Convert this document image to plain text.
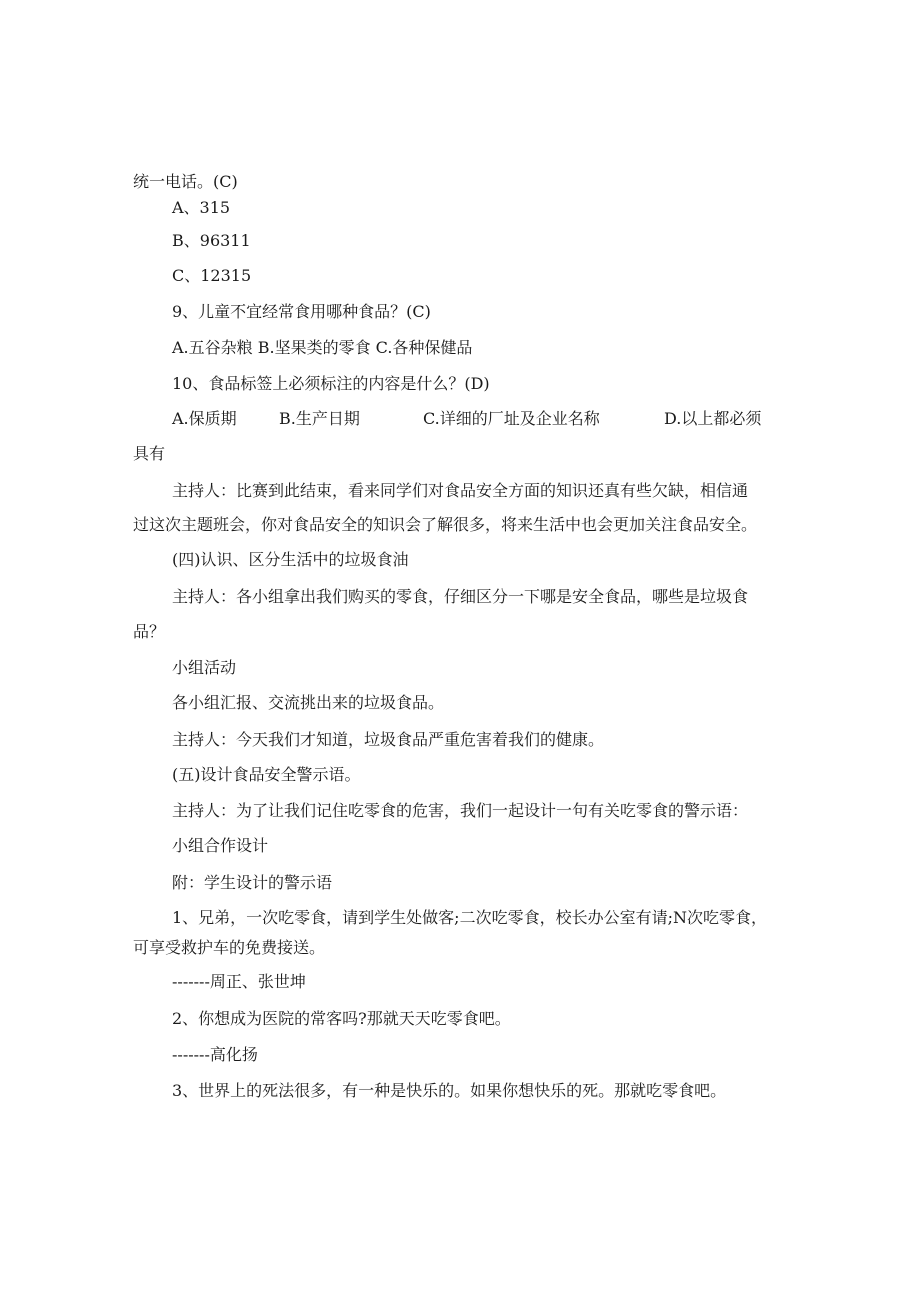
统一电话。(C)
A、315
B、96311
C、12315
9、儿童不宜经常食用哪种食品？(C)
A.五谷杂粮 B.坚果类的零食 C.各种保健品
10、食品标签上必须标注的内容是什么？(D)
A.保质期	B.生产日期	C.详细的厂址及企业名称	D.以上都必须
具有
主持人：比赛到此结束，看来同学们对食品安全方面的知识还真有些欠缺，相信通
过这次主题班会，你对食品安全的知识会了解很多，将来生活中也会更加关注食品安全。
(四)认识、区分生活中的垃圾食油
主持人：各小组拿出我们购买的零食，仔细区分一下哪是安全食品，哪些是垃圾食
品？
小组活动
各小组汇报、交流挑出来的垃圾食品。
主持人：今天我们才知道，垃圾食品严重危害着我们的健康。
(五)设计食品安全警示语。
主持人：为了让我们记住吃零食的危害，我们一起设计一句有关吃零食的警示语：
小组合作设计
附：学生设计的警示语
1、兄弟，一次吃零食，请到学生处做客;二次吃零食，校长办公室有请;N次吃零食，
可享受救护车的免费接送。
-------周正、张世坤
2、你想成为医院的常客吗?那就天天吃零食吧。
-------高化扬
3、世界上的死法很多，有一种是快乐的。如果你想快乐的死。那就吃零食吧。
